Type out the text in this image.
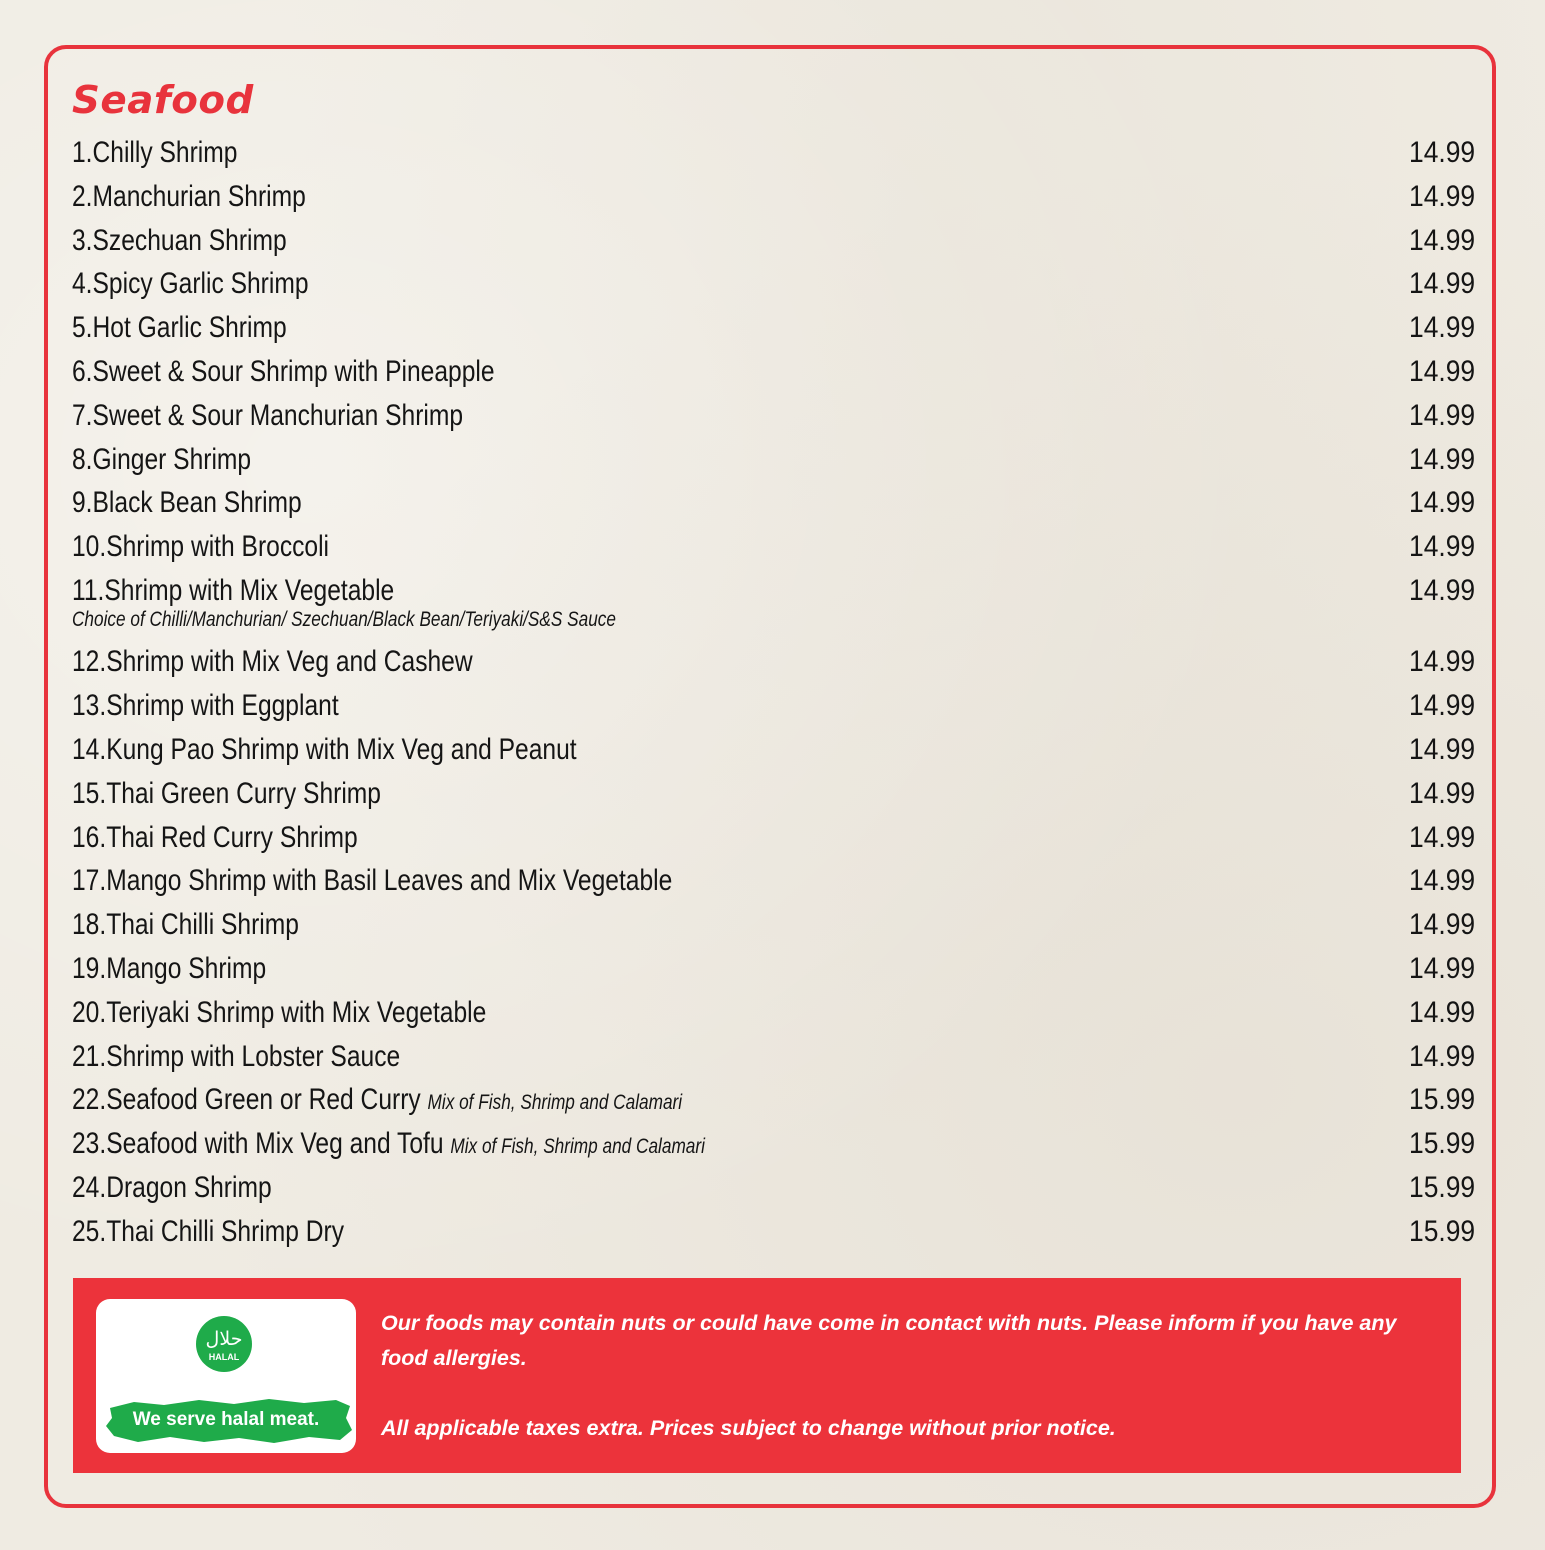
Seafood
1.Chilly Shrimp	14.99
2.Manchurian Shrimp	14.99
3.Szechuan Shrimp	14.99
4.Spicy Garlic Shrimp	14.99
5.Hot Garlic Shrimp	14.99
6.Sweet & Sour Shrimp with Pineapple	14.99
7.Sweet & Sour Manchurian Shrimp	14.99
8.Ginger Shrimp	14.99
9.Black Bean Shrimp	14.99
10.Shrimp with Broccoli	14.99
11.Shrimp with Mix Vegetable	14.99
Choice of Chilli/Manchurian/ Szechuan/Black Bean/Teriyaki/S&S Sauce
12.Shrimp with Mix Veg and Cashew	14.99
13.Shrimp with Eggplant	14.99
14.Kung Pao Shrimp with Mix Veg and Peanut	14.99
15.Thai Green Curry Shrimp	14.99
16.Thai Red Curry Shrimp	14.99
17.Mango Shrimp with Basil Leaves and Mix Vegetable	14.99
18.Thai Chilli Shrimp	14.99
19.Mango Shrimp	14.99
20.Teriyaki Shrimp with Mix Vegetable	14.99
21.Shrimp with Lobster Sauce	14.99
22.Seafood Green or Red Curry Mix of Fish, Shrimp and Calamari	15.99
23.Seafood with Mix Veg and Tofu Mix of Fish, Shrimp and Calamari	15.99
24.Dragon Shrimp	15.99
25.Thai Chilli Shrimp Dry	15.99
حلال
HALAL
We serve halal meat.

Our foods may contain nuts or could have come in contact with nuts. Please inform if you have any food allergies.

All applicable taxes extra. Prices subject to change without prior notice.
